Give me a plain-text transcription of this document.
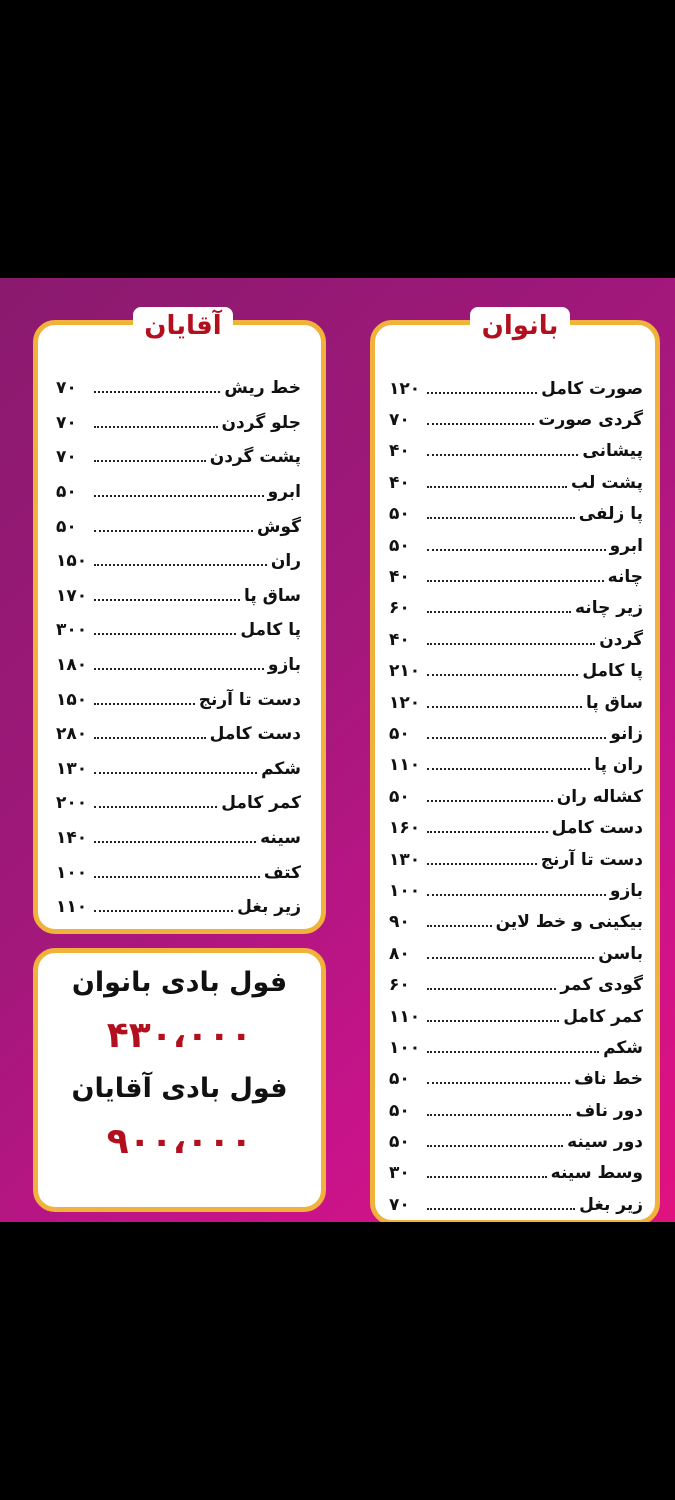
بانوان
صورت کامل
۱۲۰
گردی صورت
۷۰
پیشانی
۴۰
پشت لب
۴۰
پا زلفی
۵۰
ابرو
۵۰
چانه
۴۰
زیر چانه
۶۰
گردن
۴۰
پا کامل
۲۱۰
ساق پا
۱۲۰
زانو
۵۰
ران پا
۱۱۰
کشاله ران
۵۰
دست کامل
۱۶۰
دست تا آرنج
۱۳۰
بازو
۱۰۰
بیکینی و خط لاین
۹۰
باسن
۸۰
گودی کمر
۶۰
کمر کامل
۱۱۰
شکم
۱۰۰
خط ناف
۵۰
دور ناف
۵۰
دور سینه
۵۰
وسط سینه
۳۰
زیر بغل
۷۰
آقایان
خط ریش
۷۰
جلو گردن
۷۰
پشت گردن
۷۰
ابرو
۵۰
گوش
۵۰
ران
۱۵۰
ساق پا
۱۷۰
پا کامل
۳۰۰
بازو
۱۸۰
دست تا آرنج
۱۵۰
دست کامل
۲۸۰
شکم
۱۳۰
کمر کامل
۲۰۰
سینه
۱۴۰
کتف
۱۰۰
زیر بغل
۱۱۰
فول بادی بانوان
۴۳۰،۰۰۰
فول بادی آقایان
۹۰۰،۰۰۰
